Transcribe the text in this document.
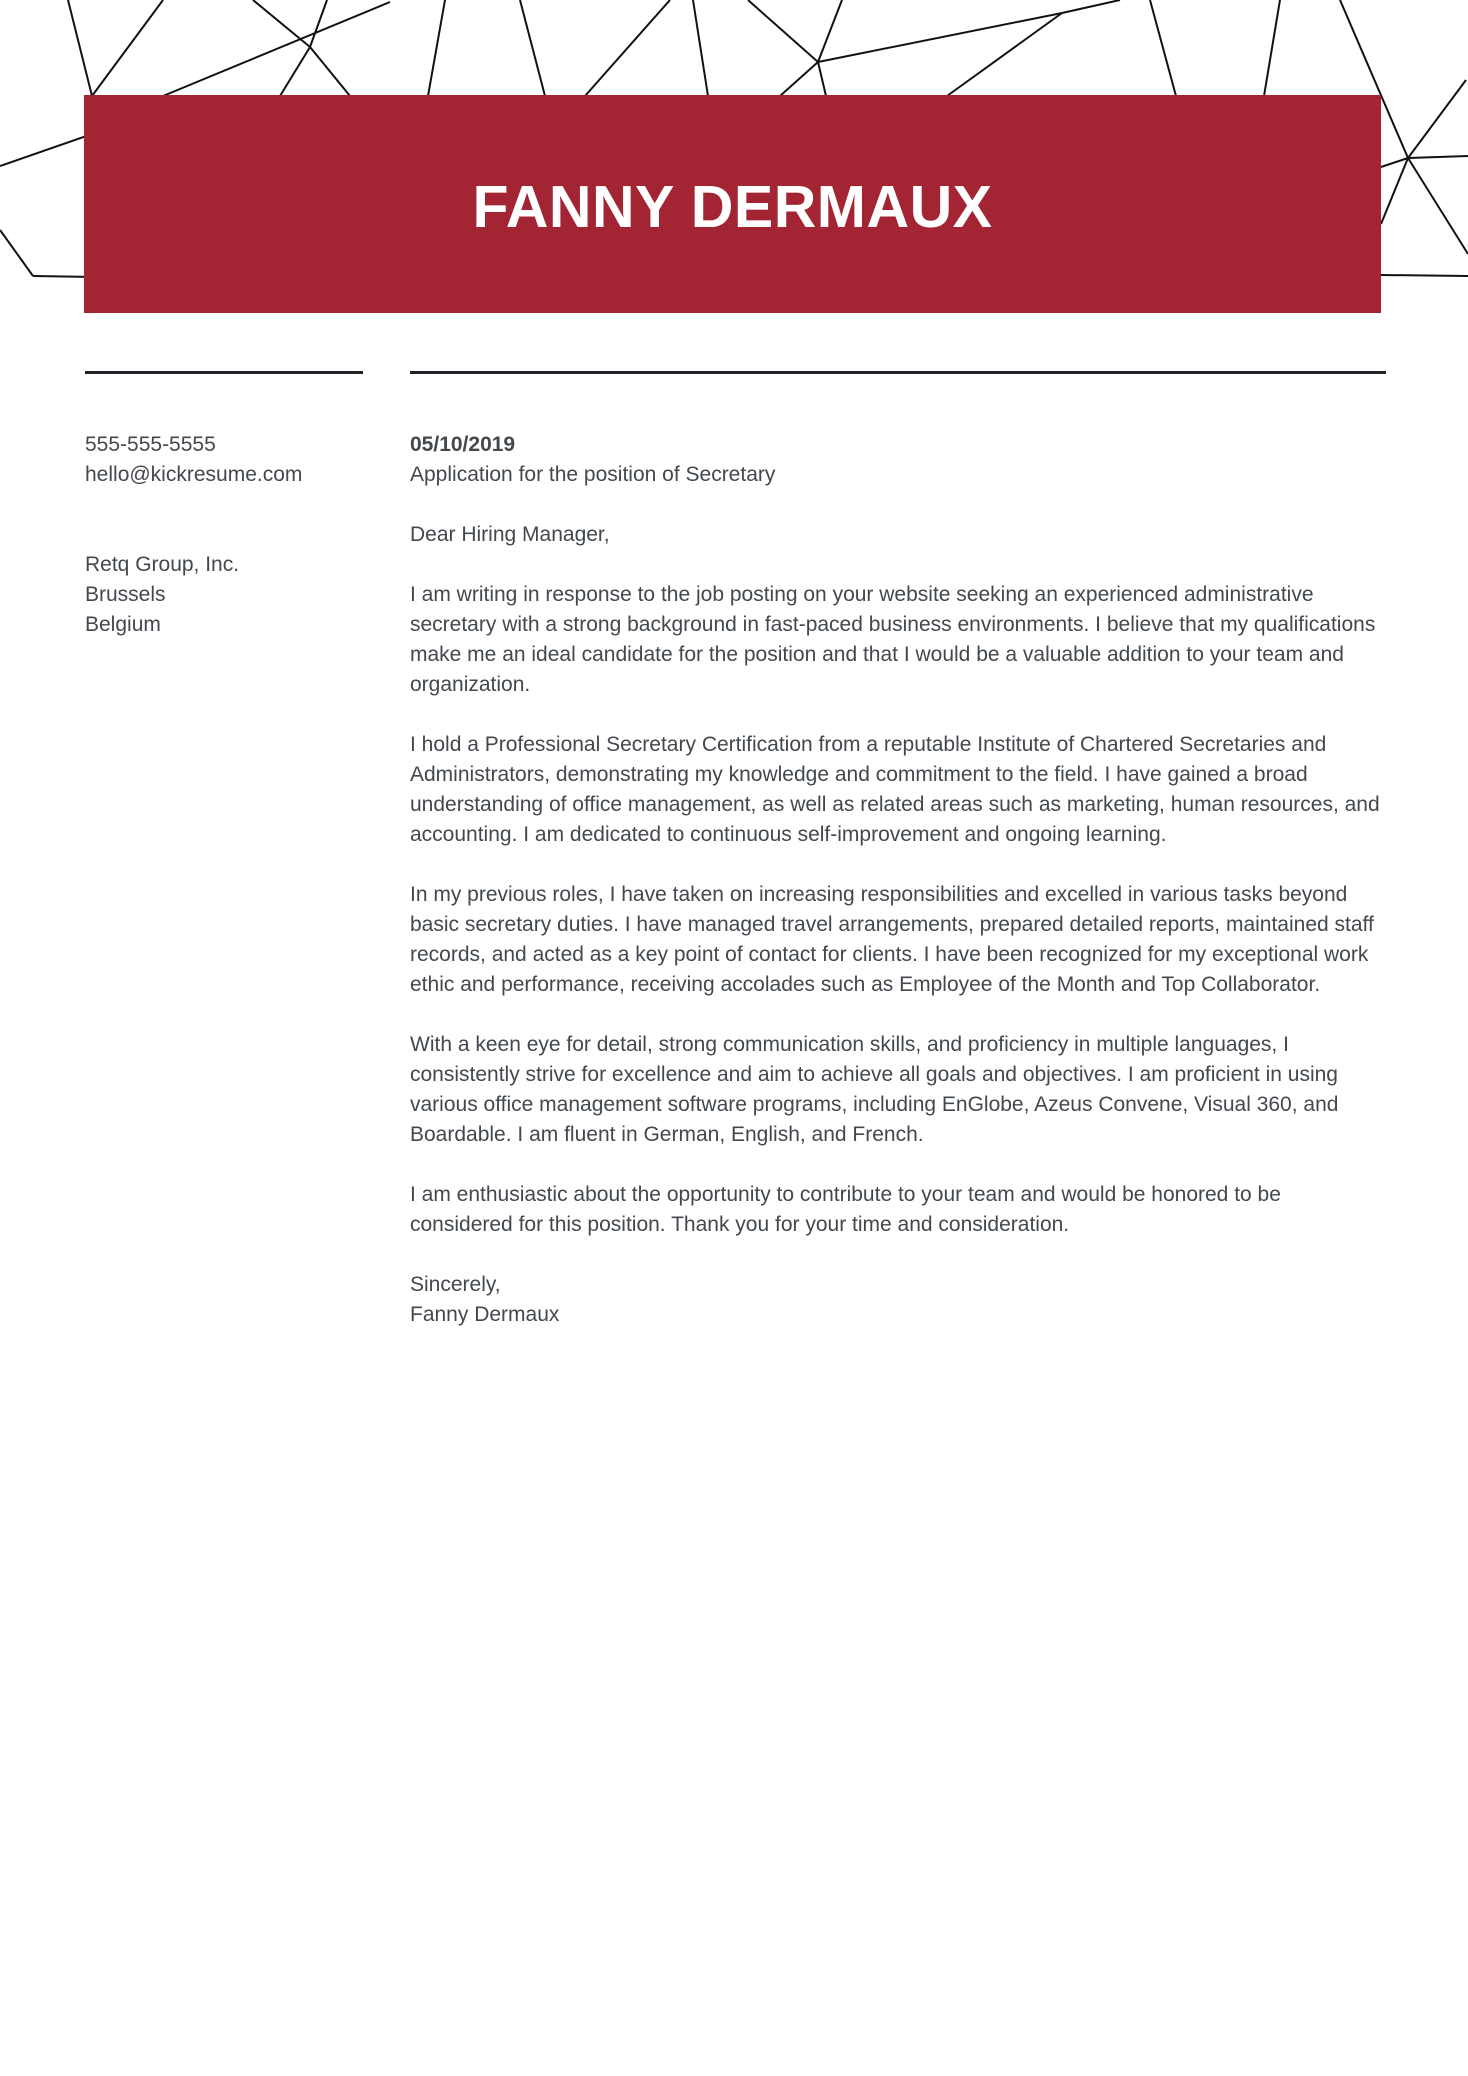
FANNY DERMAUX

555-555-5555

hello@kickresume.com

Retq Group, Inc.

Brussels

Belgium

05/10/2019

Application for the position of Secretary

Dear Hiring Manager,

I am writing in response to the job posting on your website seeking an experienced administrative secretary with a strong background in fast-paced business environments. I believe that my qualifications make me an ideal candidate for the position and that I would be a valuable addition to your team and organization.

I hold a Professional Secretary Certification from a reputable Institute of Chartered Secretaries and Administrators, demonstrating my knowledge and commitment to the field. I have gained a broad understanding of office management, as well as related areas such as marketing, human resources, and accounting. I am dedicated to continuous self-improvement and ongoing learning.

In my previous roles, I have taken on increasing responsibilities and excelled in various tasks beyond basic secretary duties. I have managed travel arrangements, prepared detailed reports, maintained staff records, and acted as a key point of contact for clients. I have been recognized for my exceptional work ethic and performance, receiving accolades such as Employee of the Month and Top Collaborator.

With a keen eye for detail, strong communication skills, and proficiency in multiple languages, I consistently strive for excellence and aim to achieve all goals and objectives. I am proficient in using various office management software programs, including EnGlobe, Azeus Convene, Visual 360, and Boardable. I am fluent in German, English, and French.

I am enthusiastic about the opportunity to contribute to your team and would be honored to be considered for this position. Thank you for your time and consideration.

Sincerely,

Fanny Dermaux
